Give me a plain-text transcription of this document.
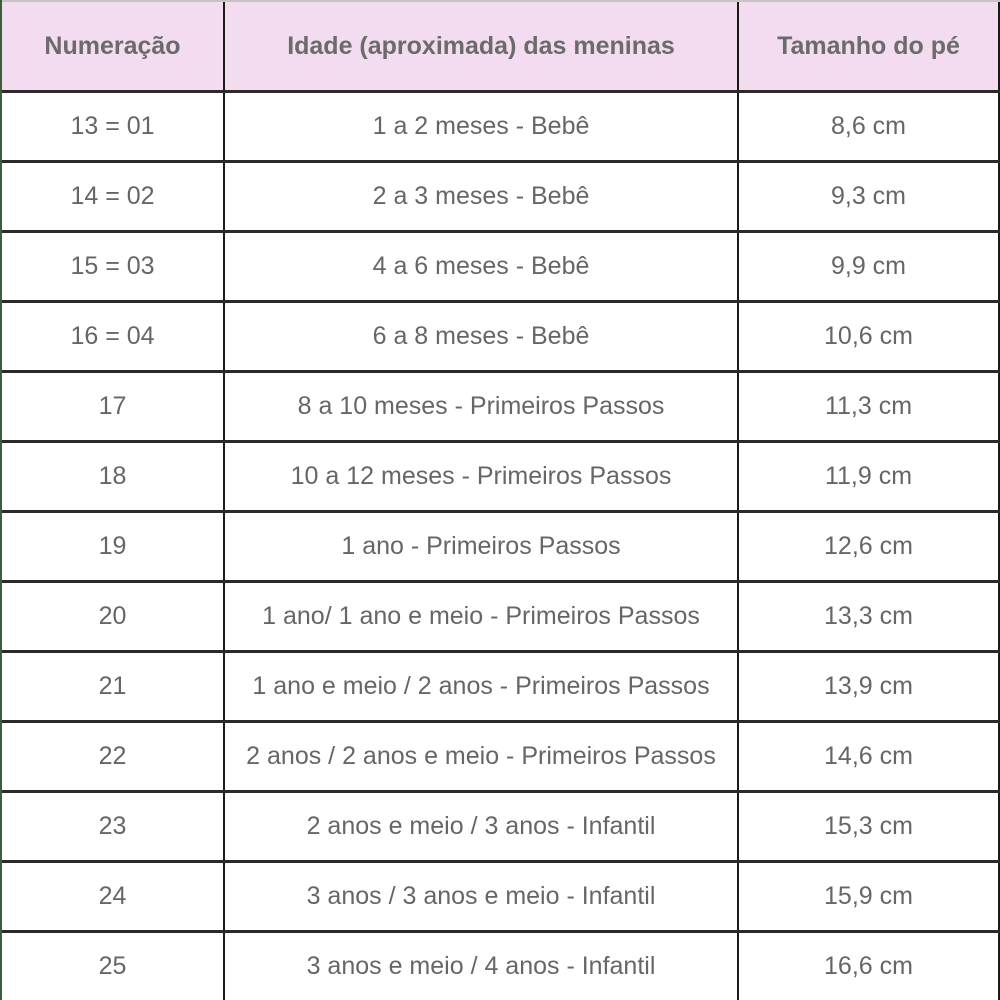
Numeração	Idade (aproximada) das meninas	Tamanho do pé
13 = 01	1 a 2 meses - Bebê	8,6 cm
14 = 02	2 a 3 meses - Bebê	9,3 cm
15 = 03	4 a 6 meses - Bebê	9,9 cm
16 = 04	6 a 8 meses - Bebê	10,6 cm
17	8 a 10 meses - Primeiros Passos	11,3 cm
18	10 a 12 meses - Primeiros Passos	11,9 cm
19	1 ano - Primeiros Passos	12,6 cm
20	1 ano/ 1 ano e meio - Primeiros Passos	13,3 cm
21	1 ano e meio / 2 anos - Primeiros Passos	13,9 cm
22	2 anos / 2 anos e meio - Primeiros Passos	14,6 cm
23	2 anos e meio / 3 anos - Infantil	15,3 cm
24	3 anos / 3 anos e meio - Infantil	15,9 cm
25	3 anos e meio / 4 anos - Infantil	16,6 cm
